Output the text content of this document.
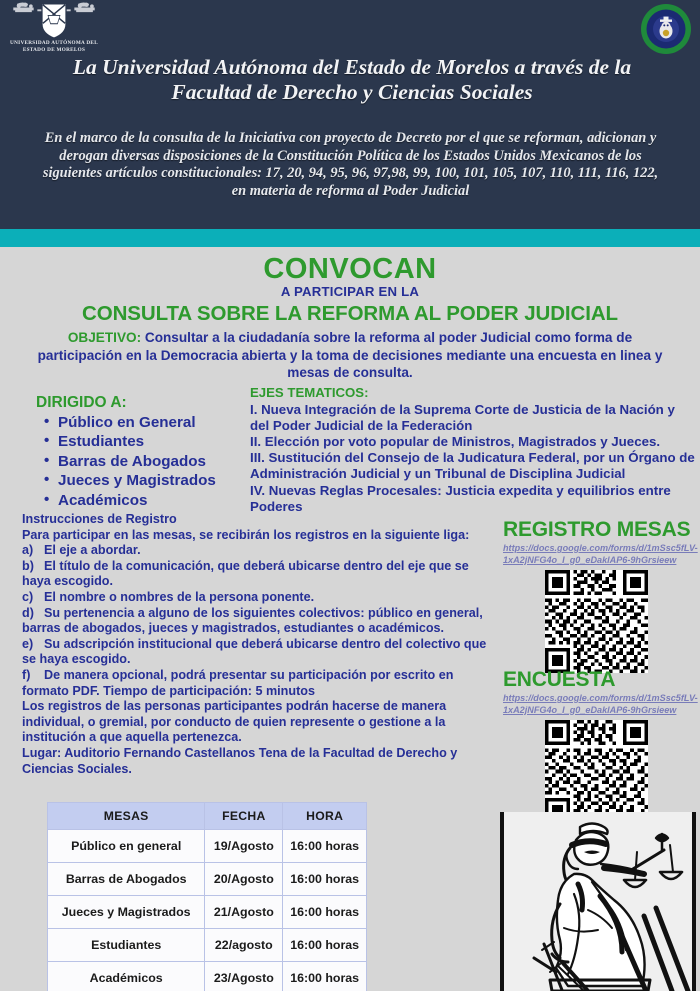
UNIVERSIDAD AUTÓNOMA DEL ESTADO DE MORELOS
La Universidad Autónoma del Estado de Morelos a través de la Facultad de Derecho y Ciencias Sociales
En el marco de la consulta de la Iniciativa con proyecto de Decreto por el que se reforman, adicionan y derogan diversas disposiciones de la Constitución Política de los Estados Unidos Mexicanos de los siguientes artículos constitucionales: 17, 20, 94, 95, 96, 97,98, 99, 100, 101, 105, 107, 110, 111, 116, 122, en materia de reforma al Poder Judicial
CONVOCAN
A PARTICIPAR EN LA
CONSULTA SOBRE LA REFORMA AL PODER JUDICIAL
OBJETIVO: Consultar a la ciudadanía sobre la reforma al poder Judicial como forma de participación en la Democracia abierta y la toma de decisiones mediante una encuesta en linea y mesas de consulta.
DIRIGIDO A:
• Público en General
• Estudiantes
• Barras de Abogados
• Jueces y Magistrados
• Académicos
EJES TEMATICOS:

I. Nueva Integración de la Suprema Corte de Justicia de la Nación y del Poder Judicial de la Federación

II. Elección por voto popular de Ministros, Magistrados y Jueces.

III. Sustitución del Consejo de la Judicatura Federal, por un Órgano de Administración Judicial y un Tribunal de Disciplina Judicial

IV. Nuevas Reglas Procesales: Justicia expedita y equilibrios entre Poderes

Instrucciones de Registro

Para participar en las mesas, se recibirán los registros en la siguiente liga:

a) El eje a abordar.

b) El título de la comunicación, que deberá ubicarse dentro del eje que se haya escogido.

c) El nombre o nombres de la persona ponente.

d) Su pertenencia a alguno de los siguientes colectivos: público en general, barras de abogados, jueces y magistrados, estudiantes o académicos.

e) Su adscripción institucional que deberá ubicarse dentro del colectivo que se haya escogido.

f) De manera opcional, podrá presentar su participación por escrito en formato PDF. Tiempo de participación: 5 minutos

Los registros de las personas participantes podrán hacerse de manera individual, o gremial, por conducto de quien represente o gestione a la institución a que aquella pertenezca.

Lugar: Auditorio Fernando Castellanos Tena de la Facultad de Derecho y Ciencias Sociales.

REGISTRO MESAS
https://docs.google.com/forms/d/1mSsc5fLV-1xA2jNFG4o_I_g0_eDaklAP6-9hGrsieew
ENCUESTA
https://docs.google.com/forms/d/1mSsc5fLV-1xA2jNFG4o_I_g0_eDaklAP6-9hGrsieew
MESAS	FECHA	HORA
Público en general	19/Agosto	16:00 horas
Barras de Abogados	20/Agosto	16:00 horas
Jueces y Magistrados	21/Agosto	16:00 horas
Estudiantes	22/agosto	16:00 horas
Académicos	23/Agosto	16:00 horas
